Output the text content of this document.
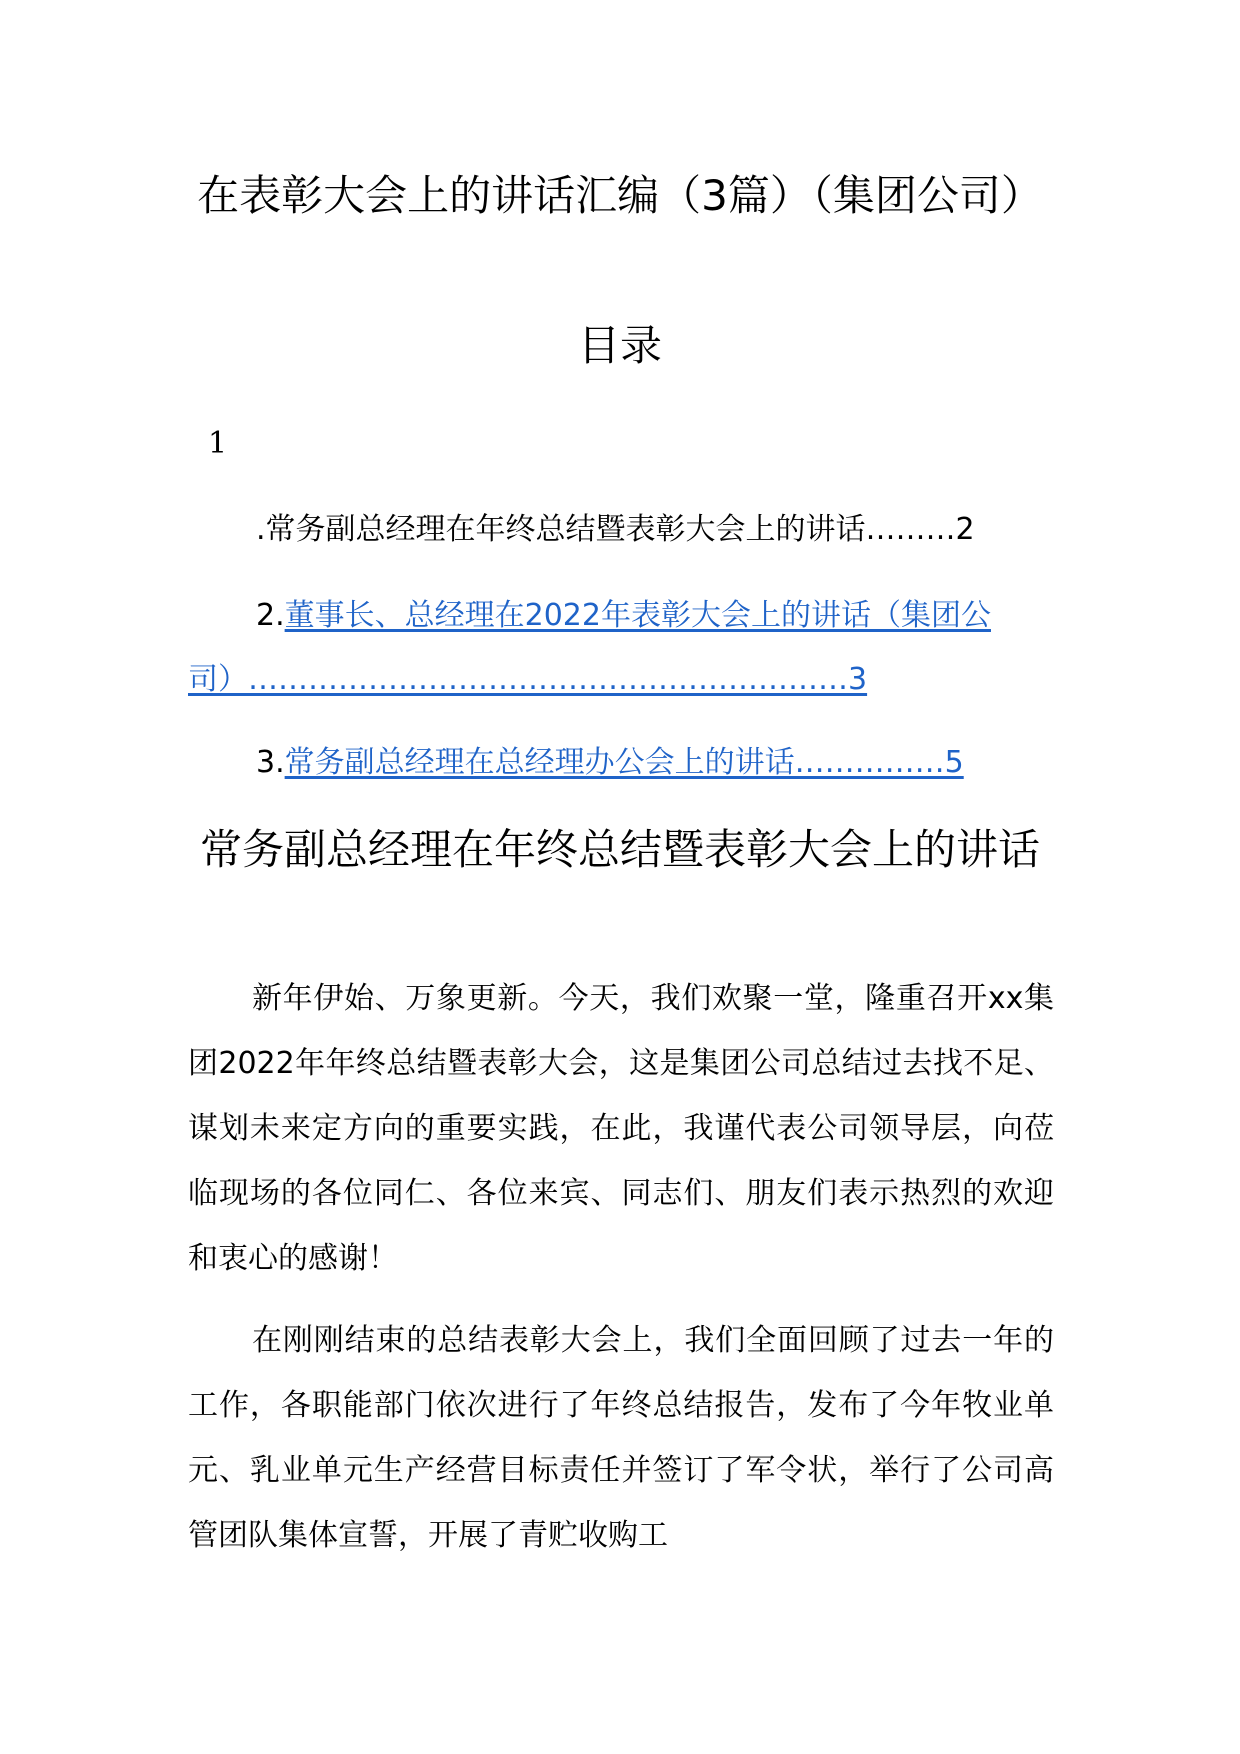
在表彰大会上的讲话汇编（3篇）（集团公司）
目录
1
.常务副总经理在年终总结暨表彰大会上的讲话………2
2.董事长、总经理在2022年表彰大会上的讲话（集团公司）……………………………………………………3
3.常务副总经理在总经理办公会上的讲话……………5
常务副总经理在年终总结暨表彰大会上的讲话

新年伊始、万象更新。今天，我们欢聚一堂，隆重召开xx集团2022年年终总结暨表彰大会，这是集团公司总结过去找不足、谋划未来定方向的重要实践，在此，我谨代表公司领导层，向莅临现场的各位同仁、各位来宾、同志们、朋友们表示热烈的欢迎和衷心的感谢！

在刚刚结束的总结表彰大会上，我们全面回顾了过去一年的工作，各职能部门依次进行了年终总结报告，发布了今年牧业单元、乳业单元生产经营目标责任并签订了军令状，举行了公司高管团队集体宣誓，开展了青贮收购工
